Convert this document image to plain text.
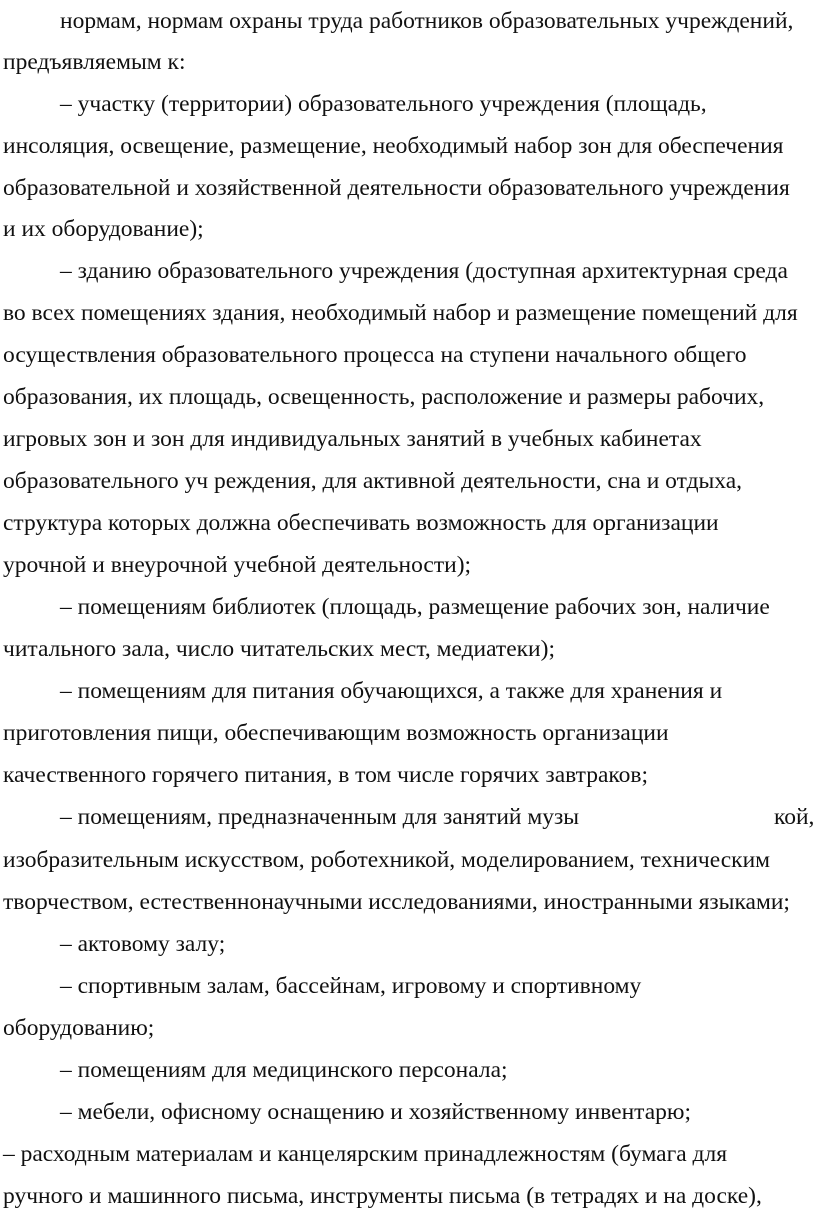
нормам, нормам охраны труда работников образовательных учреждений,
предъявляемым к:
– участку (территории) образовательного учреждения (площадь,
инсоляция, освещение, размещение, необходимый набор зон для обеспечения
образовательной и хозяйственной деятельности образовательного учреждения
и их оборудование);
– зданию образовательного учреждения (доступная архитектурная среда
во всех помещениях здания, необходимый набор и размещение помещений для
осуществления образовательного процесса на ступени начального общего
образования, их площадь, освещенность, расположение и размеры рабочих,
игровых зон и зон для индивидуальных занятий в учебных кабинетах
образовательного уч реждения, для активной деятельности, сна и отдыха,
структура которых должна обеспечивать возможность для организации
урочной и внеурочной учебной деятельности);
– помещениям библиотек (площадь, размещение рабочих зон, наличие
читального зала, число читательских мест, медиатеки);
– помещениям для питания обучающихся, а также для хранения и
приготовления пищи, обеспечивающим возможность организации
качественного горячего питания, в том числе горячих завтраков;
– помещениям, предназначенным для занятий музы	кой,
изобразительным искусством, роботехникой, моделированием, техническим
творчеством, естественнонаучными исследованиями, иностранными языками;
– актовому залу;
– спортивным залам, бассейнам, игровому и спортивному
оборудованию;
– помещениям для медицинского персонала;
– мебели, офисному оснащению и хозяйственному инвентарю;
– расходным материалам и канцелярским принадлежностям (бумага для
ручного и машинного письма, инструменты письма (в тетрадях и на доске),
